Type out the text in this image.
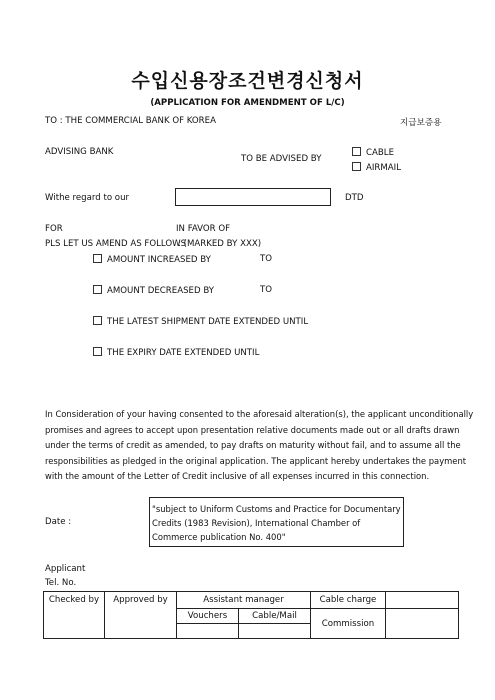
수입신용장조건변경신청서
(APPLICATION FOR AMENDMENT OF L/C)
TO : THE COMMERCIAL BANK OF KOREA	지급보증용
ADVISING BANK
TO BE ADVISED BY
CABLE
AIRMAIL
Withe regard to our	DTD
FOR	IN FAVOR OF
PLS LET US AMEND AS FOLLOWS
: (MARKED BY XXX)
AMOUNT INCREASED BY	TO
AMOUNT DECREASED BY	TO
THE LATEST SHIPMENT DATE EXTENDED UNTIL
THE EXPIRY DATE EXTENDED UNTIL
In Consideration of your having consented to the aforesaid alteration(s), the applicant unconditionally
promises and agrees to accept upon presentation relative documents made out or all drafts drawn
under the terms of credit as amended, to pay drafts on maturity without fail, and to assume all the
responsibilities as pledged in the original application. The applicant hereby undertakes the payment
with the amount of the Letter of Credit inclusive of all expenses incurred in this connection.
Date :
"subject to Uniform Customs and Practice for Documentary
Credits (1983 Revision), International Chamber of
Commerce publication No. 400"
Applicant
Tel. No.
Checked by	Approved by	Assistant manager		Cable charge	
		Vouchers	Cable/Mail	Commission	
